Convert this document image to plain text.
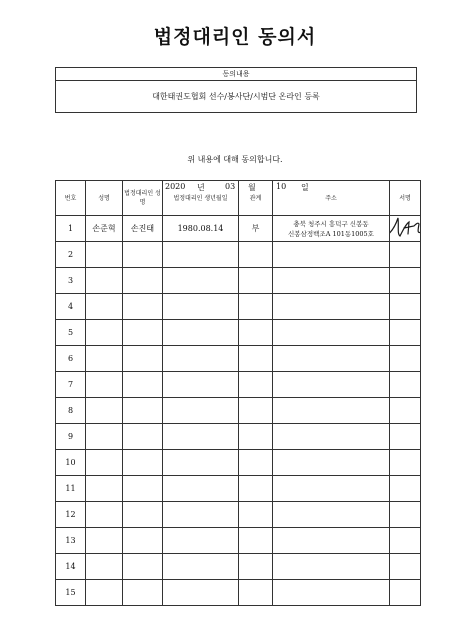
법정대리인 동의서
동의내용
대한태권도협회 선수/봉사단/시범단 온라인 등록
위 내용에 대해 동의합니다.
2020 년	03 월	10 일
번호	성명	법정대리인 성명	법정대리인 생년월일	관계	주소	서명
1	손준혁	손진태	1980.08.14	부	충북 청주시 흥덕구 신봉동
신봉삼정백조A 101동1005호

2						
3						
4						
5						
6						
7						
8						
9						
10						
11						
12						
13						
14						
15						
